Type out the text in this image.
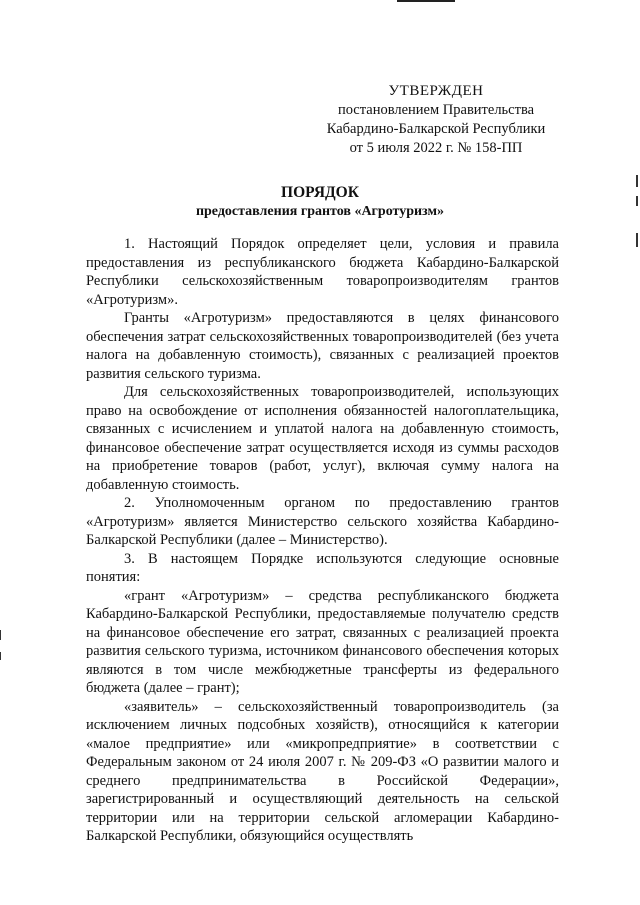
УТВЕРЖДЕН
постановлением Правительства
Кабардино-Балкарской Республики
от 5 июля 2022 г. № 158-ПП
ПОРЯДОК
предоставления грантов «Агротуризм»

1. Настоящий Порядок определяет цели, условия и правила предоставления из республиканского бюджета Кабардино-Балкарской Республики сельскохозяйственным товаропроизводителям грантов «Агротуризм».

Гранты «Агротуризм» предоставляются в целях финансового обеспечения затрат сельскохозяйственных товаропроизводителей (без учета налога на добавленную стоимость), связанных с реализацией проектов развития сельского туризма.

Для сельскохозяйственных товаропроизводителей, использующих право на освобождение от исполнения обязанностей налогоплательщика, связанных с исчислением и уплатой налога на добавленную стоимость, финансовое обеспечение затрат осуществляется исходя из суммы расходов на приобретение товаров (работ, услуг), включая сумму налога на добавленную стоимость.

2. Уполномоченным органом по предоставлению грантов «Агротуризм» является Министерство сельского хозяйства Кабардино-Балкарской Республики (далее – Министерство).

3. В настоящем Порядке используются следующие основные понятия:

«грант «Агротуризм» – средства республиканского бюджета Кабардино-Балкарской Республики, предоставляемые получателю средств на финансовое обеспечение его затрат, связанных с реализацией проекта развития сельского туризма, источником финансового обеспечения которых являются в том числе межбюджетные трансферты из федерального бюджета (далее – грант);

«заявитель» – сельскохозяйственный товаропроизводитель (за исключением личных подсобных хозяйств), относящийся к категории «малое предприятие» или «микропредприятие» в соответствии с Федеральным законом от 24 июля 2007 г. № 209-ФЗ «О развитии малого и среднего предпринимательства в Российской Федерации», зарегистрированный и осуществляющий деятельность на сельской территории или на территории сельской агломерации Кабардино-Балкарской Республики, обязующийся осуществлять
